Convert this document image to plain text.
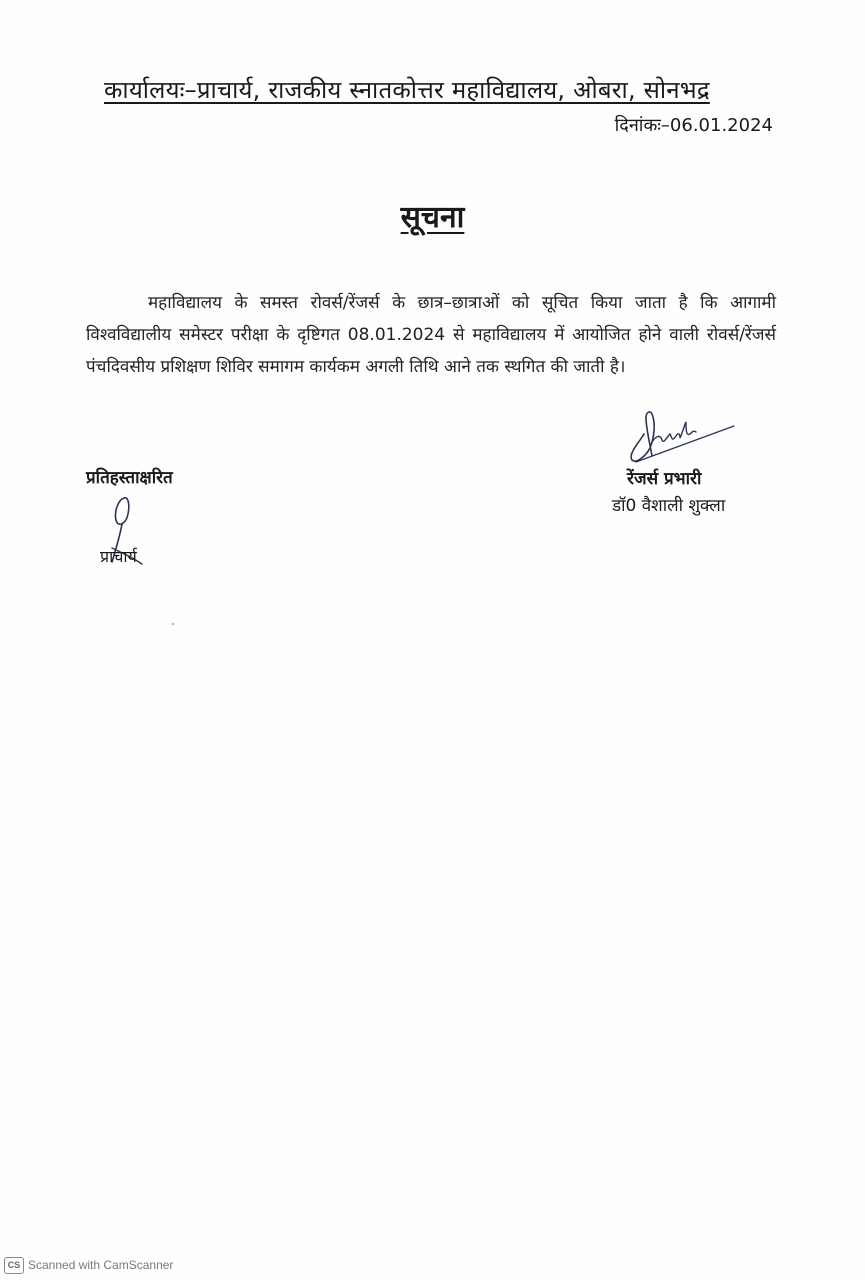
कार्यालयः–प्राचार्य, राजकीय स्नातकोत्तर महाविद्यालय, ओबरा, सोनभद्र
दिनांकः–06.01.2024
सूचना
महाविद्यालय के समस्त रोवर्स/रेंजर्स के छात्र–छात्राओं को सूचित किया जाता है कि आगामी विश्वविद्यालीय समेस्टर परीक्षा के दृष्टिगत 08.01.2024 से महाविद्यालय में आयोजित होने वाली रोवर्स/रेंजर्स पंचदिवसीय प्रशिक्षण शिविर समागम कार्यकम अगली तिथि आने तक स्थगित की जाती है।
रेंजर्स प्रभारी
डॉ0 वैशाली शुक्ला
प्रतिहस्ताक्षरित
प्राचार्य
CS Scanned with CamScanner
